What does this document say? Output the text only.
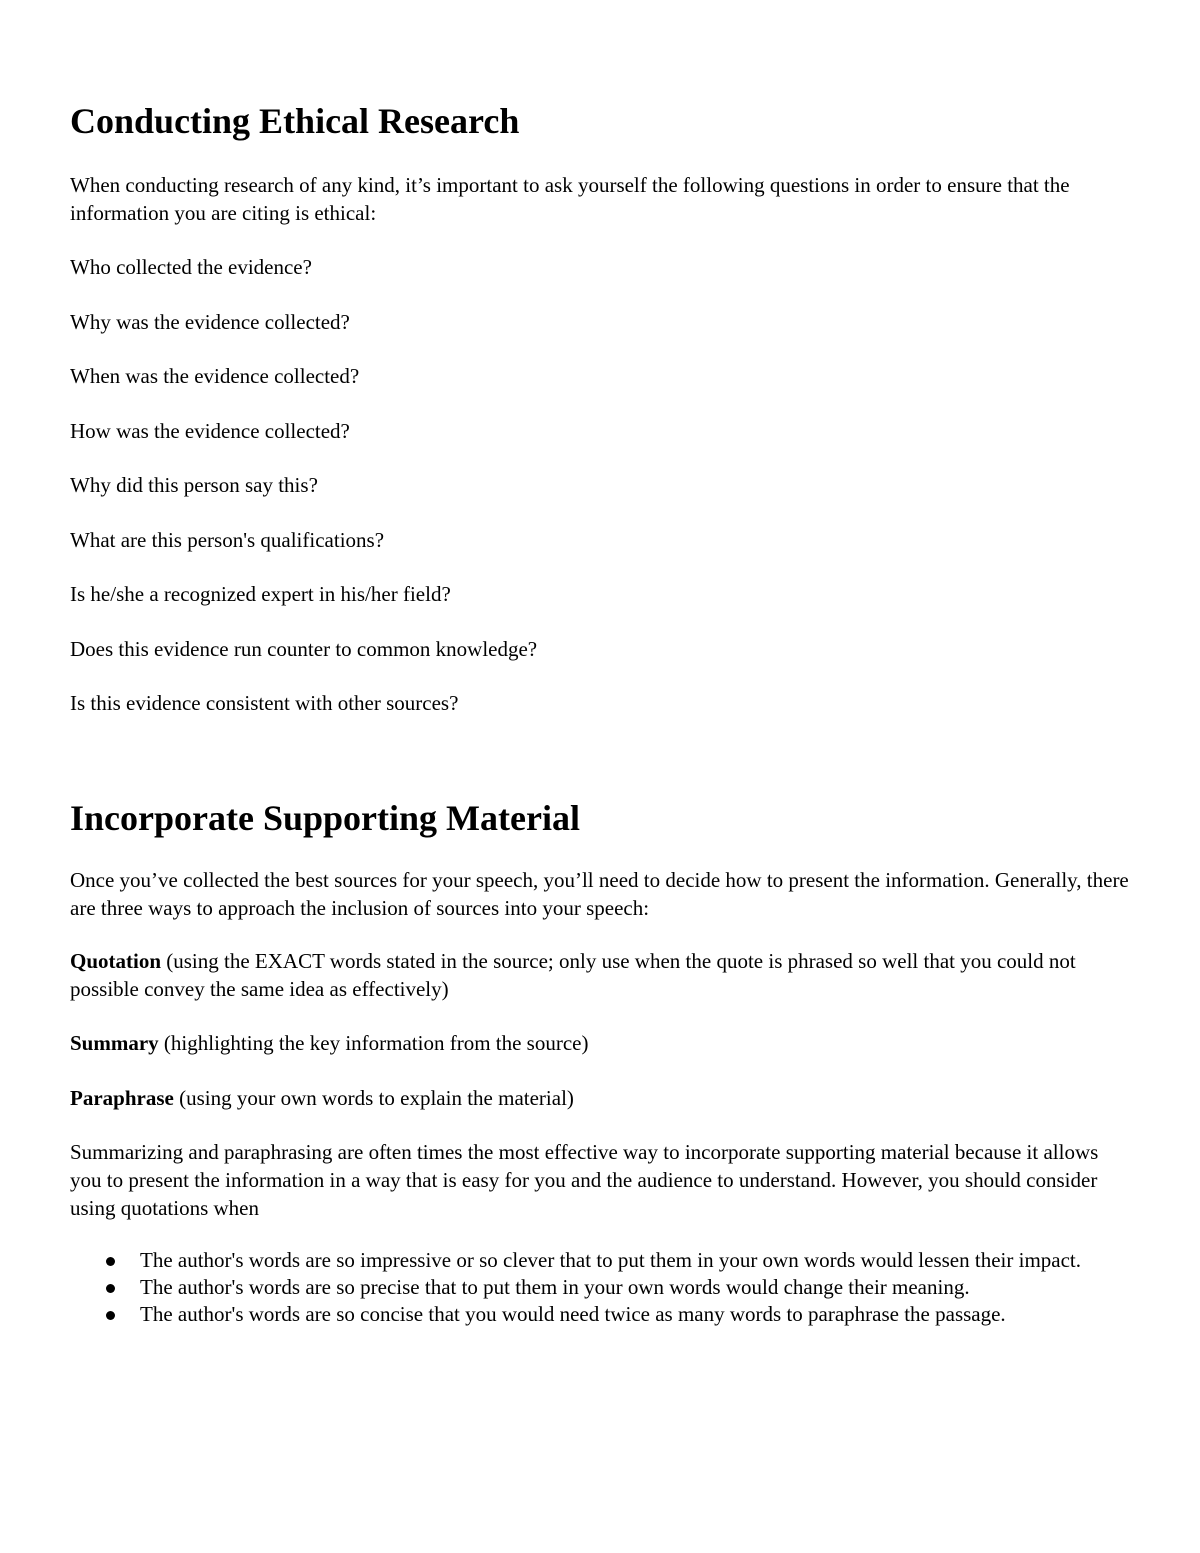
Conducting Ethical Research

When conducting research of any kind, it’s important to ask yourself the following questions in order to ensure that the information you are citing is ethical:

Who collected the evidence?

Why was the evidence collected?

When was the evidence collected?

How was the evidence collected?

Why did this person say this?

What are this person's qualifications?

Is he/she a recognized expert in his/her field?

Does this evidence run counter to common knowledge?

Is this evidence consistent with other sources?

Incorporate Supporting Material

Once you’ve collected the best sources for your speech, you’ll need to decide how to present the information. Generally, there are three ways to approach the inclusion of sources into your speech:

Quotation (using the EXACT words stated in the source; only use when the quote is phrased so well that you could not possible convey the same idea as effectively)

Summary (highlighting the key information from the source)

Paraphrase (using your own words to explain the material)

Summarizing and paraphrasing are often times the most effective way to incorporate supporting material because it allows you to present the information in a way that is easy for you and the audience to understand. However, you should consider using quotations when

The author's words are so impressive or so clever that to put them in your own words would lessen their impact.
The author's words are so precise that to put them in your own words would change their meaning.
The author's words are so concise that you would need twice as many words to paraphrase the passage.
